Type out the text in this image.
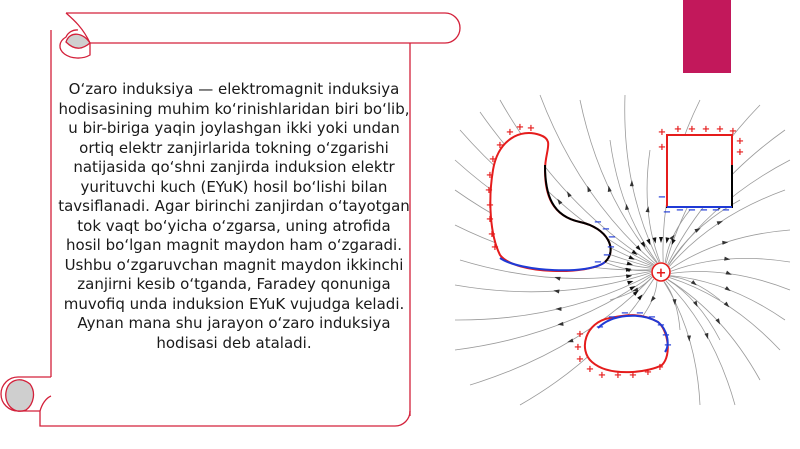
O‘zaro induksiya — elektromagnit induksiya hodisasining muhim ko‘rinishlaridan biri bo‘lib, u bir-biriga yaqin joylashgan ikki yoki undan ortiq elektr zanjirlarida tokning o‘zgarishi natijasida qo‘shni zanjirda induksion elektr yurituvchi kuch (EYuK) hosil bo‘lishi bilan tavsiflanadi. Agar birinchi zanjirdan o‘tayotgan tok vaqt bo‘yicha o‘zgarsa, uning atrofida hosil bo‘lgan magnit maydon ham o‘zgaradi. Ushbu o‘zgaruvchan magnit maydon ikkinchi zanjirni kesib o‘tganda, Faradey qonuniga muvofiq unda induksion EYuK vujudga keladi. Aynan mana shu jarayon o‘zaro induksiya hodisasi deb ataladi.

+
+ + +
+
+
+
+
+
+
+
+
−
−
−
−
−
−
+ + + + +
+
+
+
+
− − − − − −
−
−
− − − −
−
−
−
+
+
+
+
+ + + + +
